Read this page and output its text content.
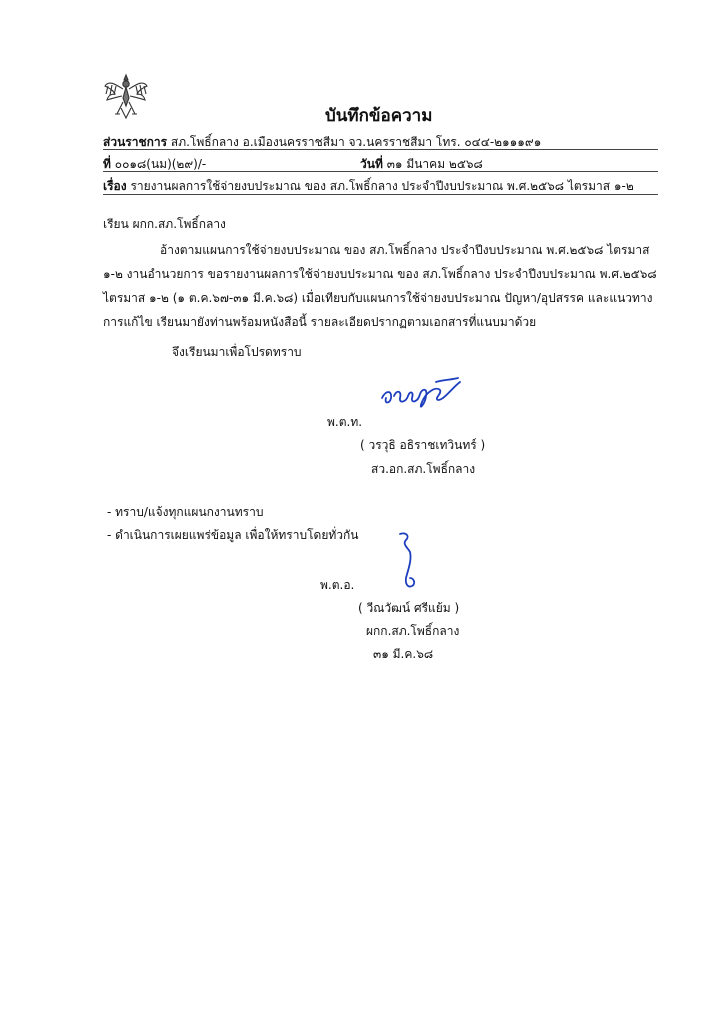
บันทึกข้อความ
ส่วนราชการ สภ.โพธิ์กลาง อ.เมืองนครราชสีมา จว.นครราชสีมา โทร. ๐๔๔-๒๑๑๑๙๑
ที่ ๐๐๑๘(นม)(๒๙)/-	วันที่ ๓๑ มีนาคม ๒๕๖๘
เรื่อง รายงานผลการใช้จ่ายงบประมาณ ของ สภ.โพธิ์กลาง ประจำปีงบประมาณ พ.ศ.๒๕๖๘ ไตรมาส ๑-๒
เรียน ผกก.สภ.โพธิ์กลาง
อ้างตามแผนการใช้จ่ายงบประมาณ ของ สภ.โพธิ์กลาง ประจำปีงบประมาณ พ.ศ.๒๕๖๘ ไตรมาส
๑-๒ งานอำนวยการ ขอรายงานผลการใช้จ่ายงบประมาณ ของ สภ.โพธิ์กลาง ประจำปีงบประมาณ พ.ศ.๒๕๖๘
ไตรมาส ๑-๒ (๑ ต.ค.๖๗-๓๑ มี.ค.๖๘) เมื่อเทียบกับแผนการใช้จ่ายงบประมาณ ปัญหา/อุปสรรค และแนวทาง
การแก้ไข เรียนมายังท่านพร้อมหนังสือนี้ รายละเอียดปรากฏตามเอกสารที่แนบมาด้วย
จึงเรียนมาเพื่อโปรดทราบ
พ.ต.ท.
( วรวุธิ อธิราชเทวินทร์ )
สว.อก.สภ.โพธิ์กลาง
- ทราบ/แจ้งทุกแผนกงานทราบ
- ดำเนินการเผยแพร่ข้อมูล เพื่อให้ทราบโดยทั่วกัน
พ.ต.อ.
( วีณวัฒน์ ศรีแย้ม )
ผกก.สภ.โพธิ์กลาง
๓๑ มี.ค.๖๘
